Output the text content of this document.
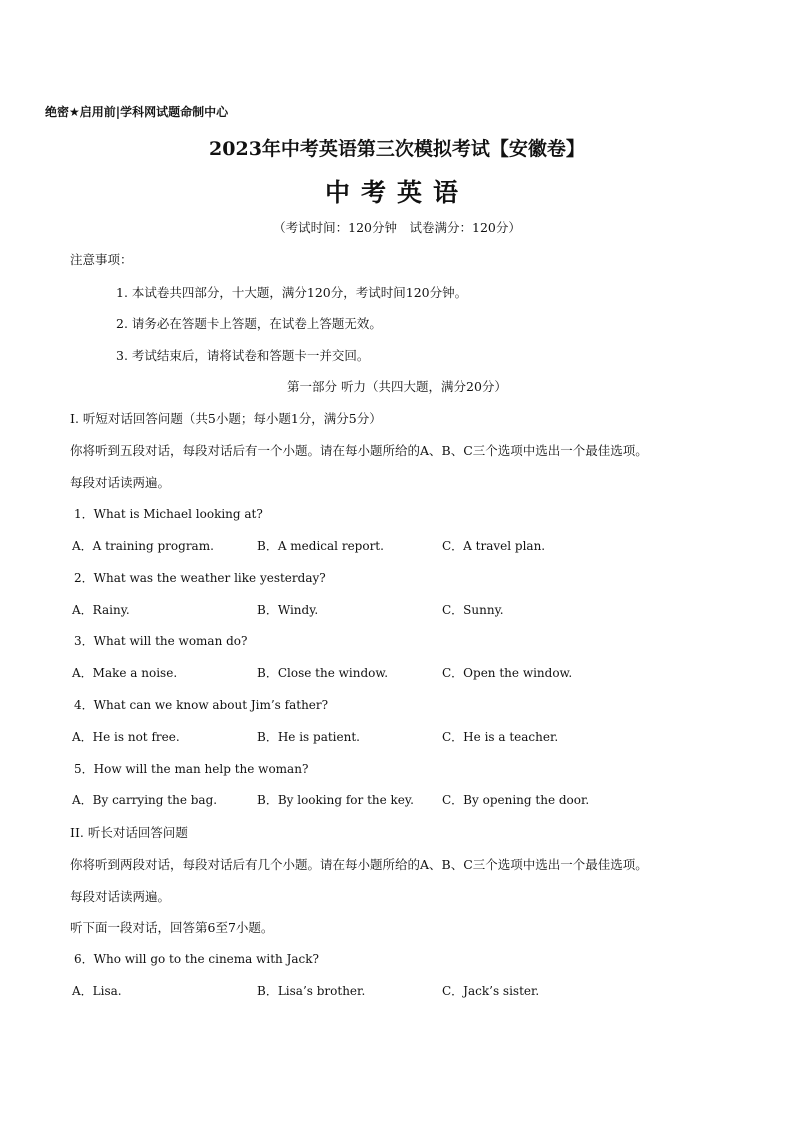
绝密★启用前|学科网试题命制中心
2023年中考英语第三次模拟考试【安徽卷】
中考英语
（考试时间：120分钟　试卷满分：120分）
注意事项：
1. 本试卷共四部分，十大题，满分120分，考试时间120分钟。
2. 请务必在答题卡上答题，在试卷上答题无效。
3. 考试结束后，请将试卷和答题卡一并交回。
第一部分 听力（共四大题，满分20分）
I. 听短对话回答问题（共5小题；每小题1分，满分5分）
你将听到五段对话，每段对话后有一个小题。请在每小题所给的A、B、C三个选项中选出一个最佳选项。
每段对话读两遍。
1．What is Michael looking at?
A．A training program.	B．A medical report.	C．A travel plan.
2．What was the weather like yesterday?
A．Rainy.	B．Windy.	C．Sunny.
3．What will the woman do?
A．Make a noise.	B．Close the window.	C．Open the window.
4．What can we know about Jim’s father?
A．He is not free.	B．He is patient.	C．He is a teacher.
5．How will the man help the woman?
A．By carrying the bag.	B．By looking for the key. C．By opening the door.
II. 听长对话回答问题
你将听到两段对话，每段对话后有几个小题。请在每小题所给的A、B、C三个选项中选出一个最佳选项。
每段对话读两遍。
听下面一段对话，回答第6至7小题。
6．Who will go to the cinema with Jack?
A．Lisa.	B．Lisa’s brother.	C．Jack’s sister.
